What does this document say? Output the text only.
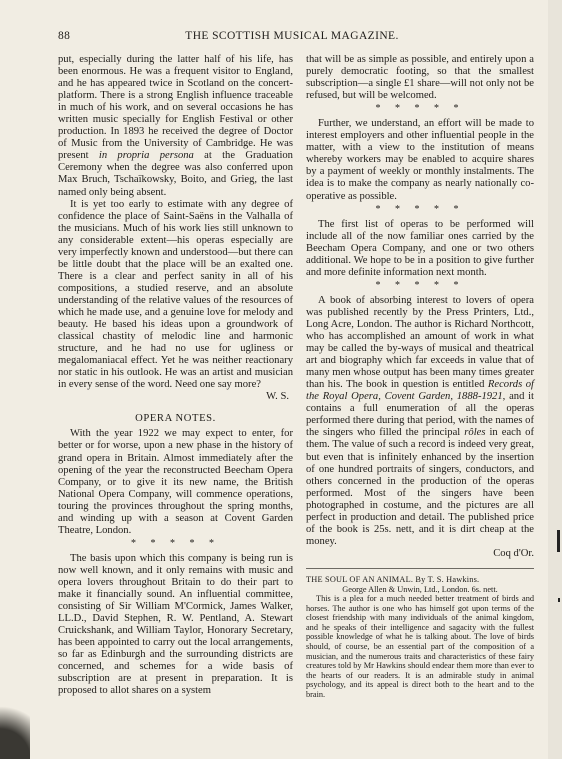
88	THE SCOTTISH MUSICAL MAGAZINE.

put, especially during the latter half of his life, has been enormous. He was a frequent visitor to England, and he has appeared twice in Scotland on the concert-platform. There is a strong English influence traceable in much of his work, and on several occasions he has written music specially for English Festival or other production. In 1893 he received the degree of Doctor of Music from the University of Cambridge. He was present in propria persona at the Graduation Ceremony when the degree was also conferred upon Max Bruch, Tschaïkowsky, Boito, and Grieg, the last named only being absent.

It is yet too early to estimate with any degree of confidence the place of Saint-Saëns in the Valhalla of the musicians. Much of his work lies still unknown to any considerable extent—his operas especially are very imperfectly known and understood—but there can be little doubt that the place will be an exalted one. There is a clear and perfect sanity in all of his compositions, a studied reserve, and an absolute understanding of the relative values of the resources of which he made use, and a genuine love for melody and beauty. He based his ideas upon a groundwork of classical chastity of melodic line and harmonic structure, and he had no use for ugliness or megalomaniacal effect. Yet he was neither reactionary nor static in his outlook. He was an artist and musician in every sense of the word. Need one say more?

W. S.
OPERA NOTES.

With the year 1922 we may expect to enter, for better or for worse, upon a new phase in the history of grand opera in Britain. Almost immediately after the opening of the year the reconstructed Beecham Opera Company, or to give it its new name, the British National Opera Company, will commence operations, touring the provinces throughout the spring months, and winding up with a season at Covent Garden Theatre, London.

* * * * *

The basis upon which this company is being run is now well known, and it only remains with music and opera lovers throughout Britain to do their part to make it financially sound. An influential committee, consisting of Sir William M'Cormick, James Walker, LL.D., David Stephen, R. W. Pentland, A. Stewart Cruickshank, and William Taylor, Honorary Secretary, has been appointed to carry out the local arrangements, so far as Edinburgh and the surrounding districts are concerned, and schemes for a wide basis of subscription are at present in preparation. It is proposed to allot shares on a system

that will be as simple as possible, and entirely upon a purely democratic footing, so that the smallest subscription—a single £1 share—will not only not be refused, but will be welcomed.

* * * * *

Further, we understand, an effort will be made to interest employers and other influential people in the matter, with a view to the institution of means whereby workers may be enabled to acquire shares by a payment of weekly or monthly instalments. The idea is to make the company as nearly nationally co-operative as possible.

* * * * *

The first list of operas to be performed will include all of the now familiar ones carried by the Beecham Opera Company, and one or two others additional. We hope to be in a position to give further and more definite information next month.

* * * * *

A book of absorbing interest to lovers of opera was published recently by the Press Printers, Ltd., Long Acre, London. The author is Richard Northcott, who has accomplished an amount of work in what may be called the by-ways of musical and theatrical art and biography which far exceeds in value that of many men whose output has been many times greater than his. The book in question is entitled Records of the Royal Opera, Covent Garden, 1888-1921, and it contains a full enumeration of all the operas performed there during that period, with the names of the singers who filled the principal rôles in each of them. The value of such a record is indeed very great, but even that is infinitely enhanced by the insertion of one hundred portraits of singers, conductors, and others concerned in the production of the operas performed. Most of the singers have been photographed in costume, and the pictures are all perfect in production and detail. The published price of the book is 25s. nett, and it is dirt cheap at the money.

Coq d'Or.
THE SOUL OF AN ANIMAL. By T. S. Hawkins.
George Allen & Unwin, Ltd., London. 6s. nett.

This is a plea for a much needed better treatment of birds and horses. The author is one who has himself got upon terms of the closest friendship with many individuals of the animal kingdom, and he speaks of their intelligence and sagacity with the fullest possible knowledge of what he is talking about. The love of birds should, of course, be an essential part of the composition of a musician, and the numerous traits and characteristics of these fairy creatures told by Mr Hawkins should endear them more than ever to the hearts of our readers. It is an admirable study in animal psychology, and its appeal is direct both to the heart and to the brain.
